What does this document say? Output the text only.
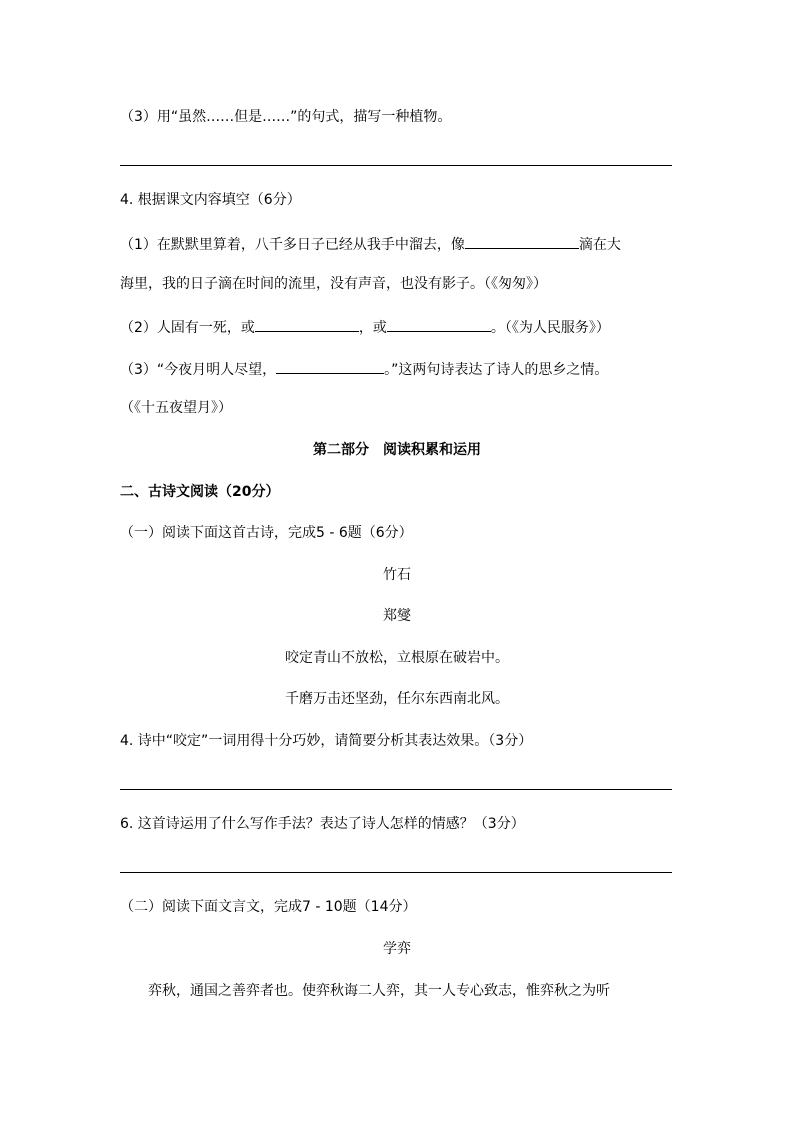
（3）用“虽然……但是……”的句式，描写一种植物。
4. 根据课文内容填空（6分）
（1）在默默里算着，八千多日子已经从我手中溜去，像	滴在大
海里，我的日子滴在时间的流里，没有声音，也没有影子。（《匆匆》）
（2）人固有一死，或	，或	。（《为人民服务》）
（3）“今夜月明人尽望，	。”这两句诗表达了诗人的思乡之情。
（《十五夜望月》）
第二部分　阅读积累和运用
二、古诗文阅读（20分）
（一）阅读下面这首古诗，完成5 - 6题（6分）
竹石
郑燮
咬定青山不放松，立根原在破岩中。
千磨万击还坚劲，任尔东西南北风。
4. 诗中“咬定”一词用得十分巧妙，请简要分析其表达效果。（3分）
6. 这首诗运用了什么写作手法？表达了诗人怎样的情感？（3分）
（二）阅读下面文言文，完成7 - 10题（14分）
学弈
弈秋，通国之善弈者也。使弈秋诲二人弈，其一人专心致志，惟弈秋之为听
